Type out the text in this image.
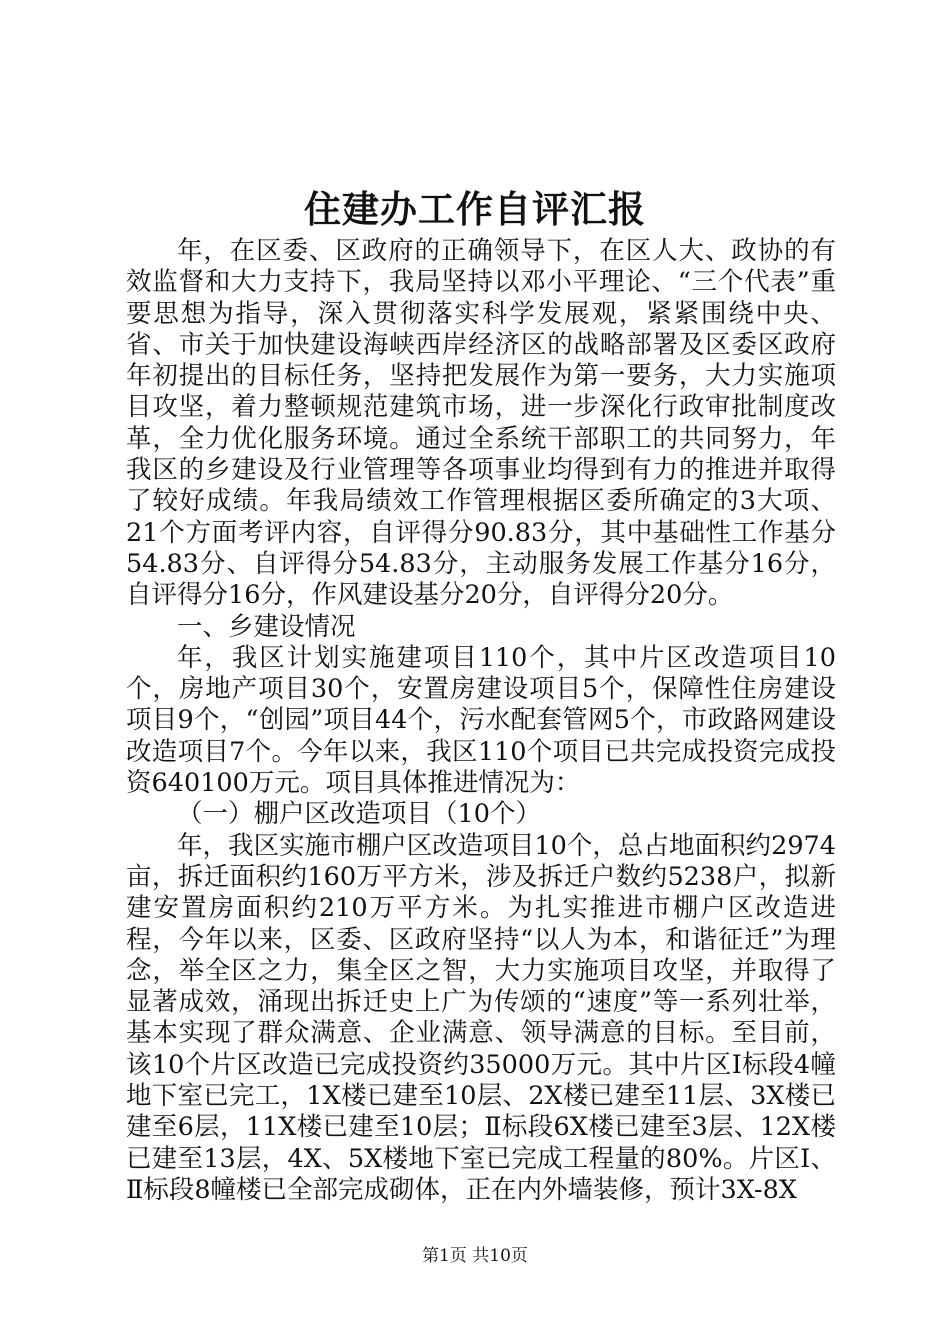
住建办工作自评汇报

年，在区委、区政府的正确领导下，在区人大、政协的有效监督和大力支持下，我局坚持以邓小平理论、“三个代表”重要思想为指导，深入贯彻落实科学发展观，紧紧围绕中央、省、市关于加快建设海峡西岸经济区的战略部署及区委区政府年初提出的目标任务，坚持把发展作为第一要务，大力实施项目攻坚，着力整顿规范建筑市场，进一步深化行政审批制度改革，全力优化服务环境。通过全系统干部职工的共同努力，年我区的乡建设及行业管理等各项事业均得到有力的推进并取得了较好成绩。年我局绩效工作管理根据区委所确定的3大项、21个方面考评内容，自评得分90.83分，其中基础性工作基分54.83分、自评得分54.83分，主动服务发展工作基分16分，自评得分16分，作风建设基分20分，自评得分20分。

一、乡建设情况

年，我区计划实施建项目110个，其中片区改造项目10个，房地产项目30个，安置房建设项目5个，保障性住房建设项目9个，“创园”项目44个，污水配套管网5个，市政路网建设改造项目7个。今年以来，我区110个项目已共完成投资完成投资640100万元。项目具体推进情况为：

（一）棚户区改造项目（10个）

年，我区实施市棚户区改造项目10个，总占地面积约2974亩，拆迁面积约160万平方米，涉及拆迁户数约5238户，拟新建安置房面积约210万平方米。为扎实推进市棚户区改造进程，今年以来，区委、区政府坚持“以人为本，和谐征迁”为理念，举全区之力，集全区之智，大力实施项目攻坚，并取得了显著成效，涌现出拆迁史上广为传颂的“速度”等一系列壮举，基本实现了群众满意、企业满意、领导满意的目标。至目前，该10个片区改造已完成投资约35000万元。其中片区Ⅰ标段4幢地下室已完工，1X楼已建至10层、2X楼已建至11层、3X楼已建至6层，11X楼已建至10层；Ⅱ标段6X楼已建至3层、12X楼已建至13层，4X、5X楼地下室已完成工程量的80%。片区Ⅰ、Ⅱ标段8幢楼已全部完成砌体，正在内外墙装修，预计3X-8X

第1页 共10页
